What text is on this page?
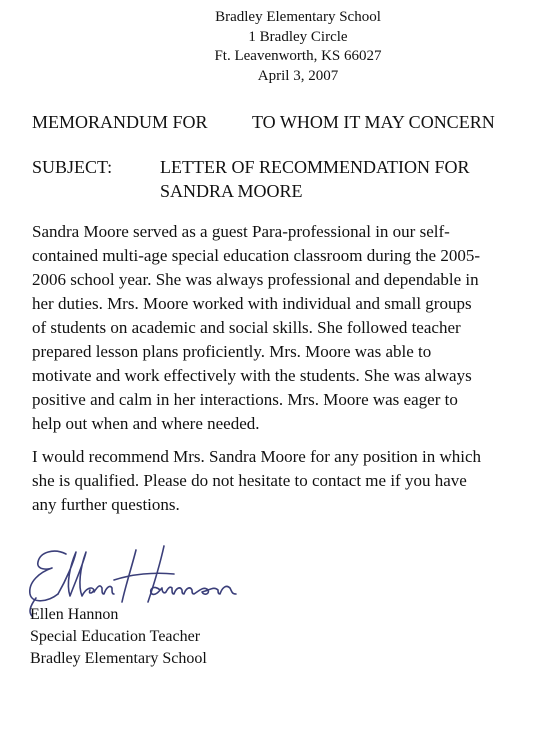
Bradley Elementary School
1 Bradley Circle
Ft. Leavenworth, KS 66027
April 3, 2007
MEMORANDUM FOR TO WHOM IT MAY CONCERN
SUBJECT:	LETTER OF RECOMMENDATION FOR
SANDRA MOORE
Sandra Moore served as a guest Para-professional in our self-
contained multi-age special education classroom during the 2005-
2006 school year. She was always professional and dependable in
her duties. Mrs. Moore worked with individual and small groups
of students on academic and social skills. She followed teacher
prepared lesson plans proficiently. Mrs. Moore was able to
motivate and work effectively with the students. She was always
positive and calm in her interactions. Mrs. Moore was eager to
help out when and where needed.
I would recommend Mrs. Sandra Moore for any position in which
she is qualified. Please do not hesitate to contact me if you have
any further questions.
Ellen Hannon
Special Education Teacher
Bradley Elementary School
